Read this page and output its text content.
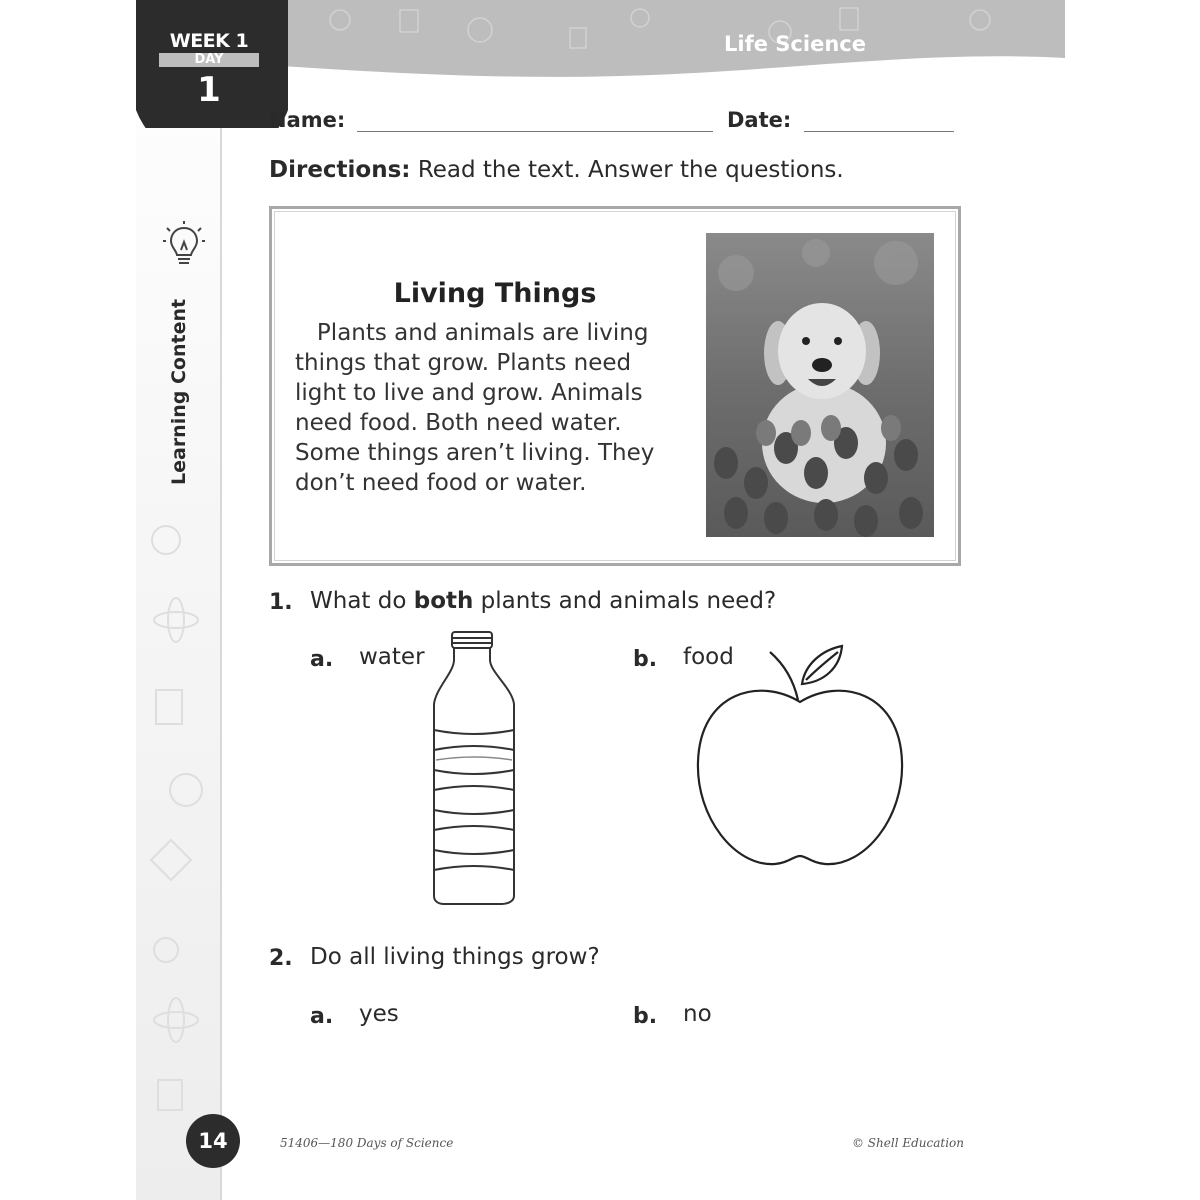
WEEK 1
DAY
1
Life Science
Learning Content
Name:	Date:
Directions: Read the text. Answer the questions.
Living Things
Plants and animals are living
things that grow. Plants need
light to live and grow. Animals
need food. Both need water.
Some things aren’t living. They
don’t need food or water.
1. What do both plants and animals need?
a. water	b. food
2. Do all living things grow?
a. yes	b. no
14	51406—180 Days of Science	© Shell Education
